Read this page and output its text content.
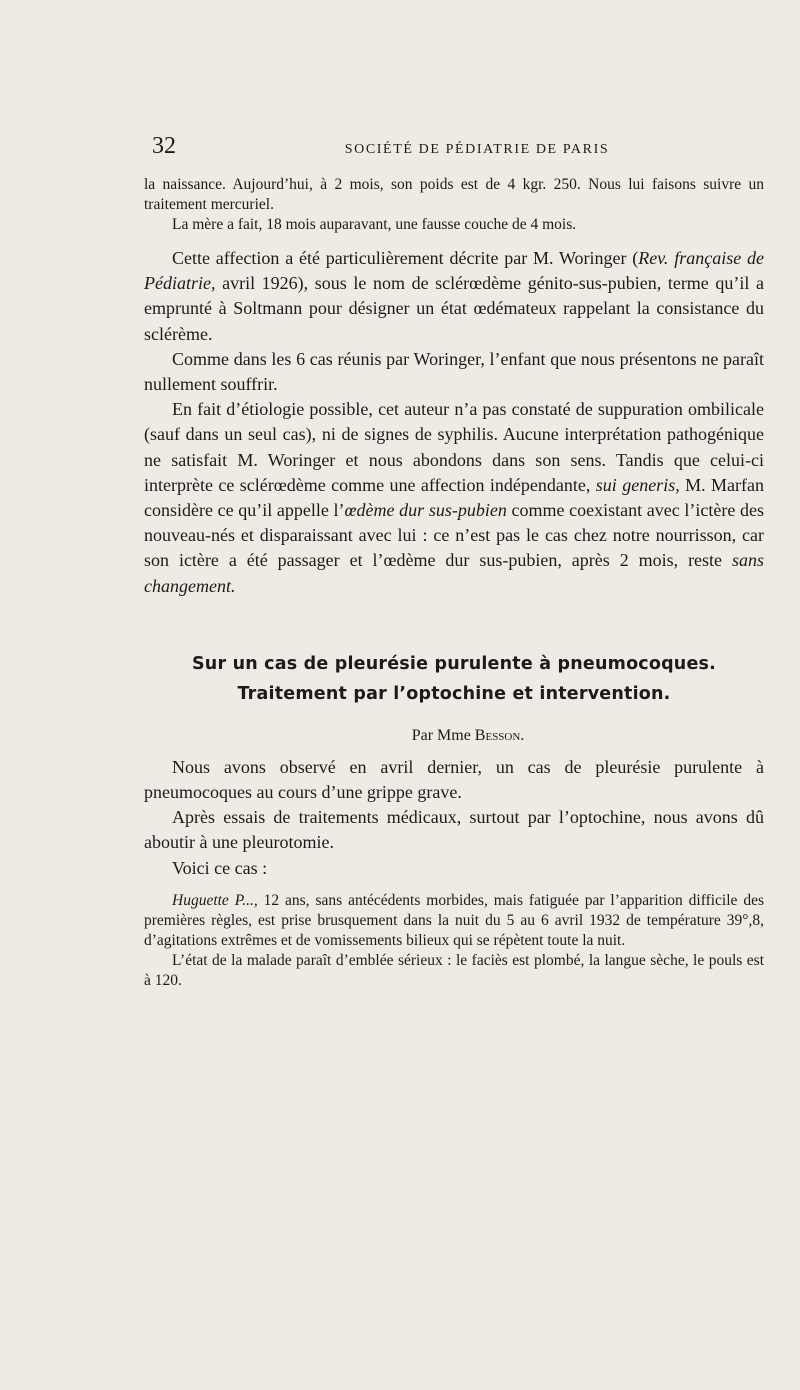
32	SOCIÉTÉ DE PÉDIATRIE DE PARIS

la naissance. Aujourd’hui, à 2 mois, son poids est de 4 kgr. 250. Nous lui faisons suivre un traitement mercuriel.

La mère a fait, 18 mois auparavant, une fausse couche de 4 mois.

Cette affection a été particulièrement décrite par M. Woringer (Rev. française de Pédiatrie, avril 1926), sous le nom de sclérœdème génito-sus-pubien, terme qu’il a emprunté à Soltmann pour désigner un état œdémateux rappelant la consistance du sclérème.

Comme dans les 6 cas réunis par Woringer, l’enfant que nous présentons ne paraît nullement souffrir.

En fait d’étiologie possible, cet auteur n’a pas constaté de suppuration ombilicale (sauf dans un seul cas), ni de signes de syphilis. Aucune interprétation pathogénique ne satisfait M. Woringer et nous abondons dans son sens. Tandis que celui-ci interprète ce sclérœdème comme une affection indépendante, sui generis, M. Marfan considère ce qu’il appelle l’œdème dur sus-pubien comme coexistant avec l’ictère des nouveau-nés et disparaissant avec lui : ce n’est pas le cas chez notre nourrisson, car son ictère a été passager et l’œdème dur sus-pubien, après 2 mois, reste sans changement.

Sur un cas de pleurésie purulente à pneumocoques.
Traitement par l’optochine et intervention.
Par Mme Besson.

Nous avons observé en avril dernier, un cas de pleurésie purulente à pneumocoques au cours d’une grippe grave.

Après essais de traitements médicaux, surtout par l’optochine, nous avons dû aboutir à une pleurotomie.

Voici ce cas :

Huguette P..., 12 ans, sans antécédents morbides, mais fatiguée par l’apparition difficile des premières règles, est prise brusquement dans la nuit du 5 au 6 avril 1932 de température 39°,8, d’agitations extrêmes et de vomissements bilieux qui se répètent toute la nuit.

L’état de la malade paraît d’emblée sérieux : le faciès est plombé, la langue sèche, le pouls est à 120.
